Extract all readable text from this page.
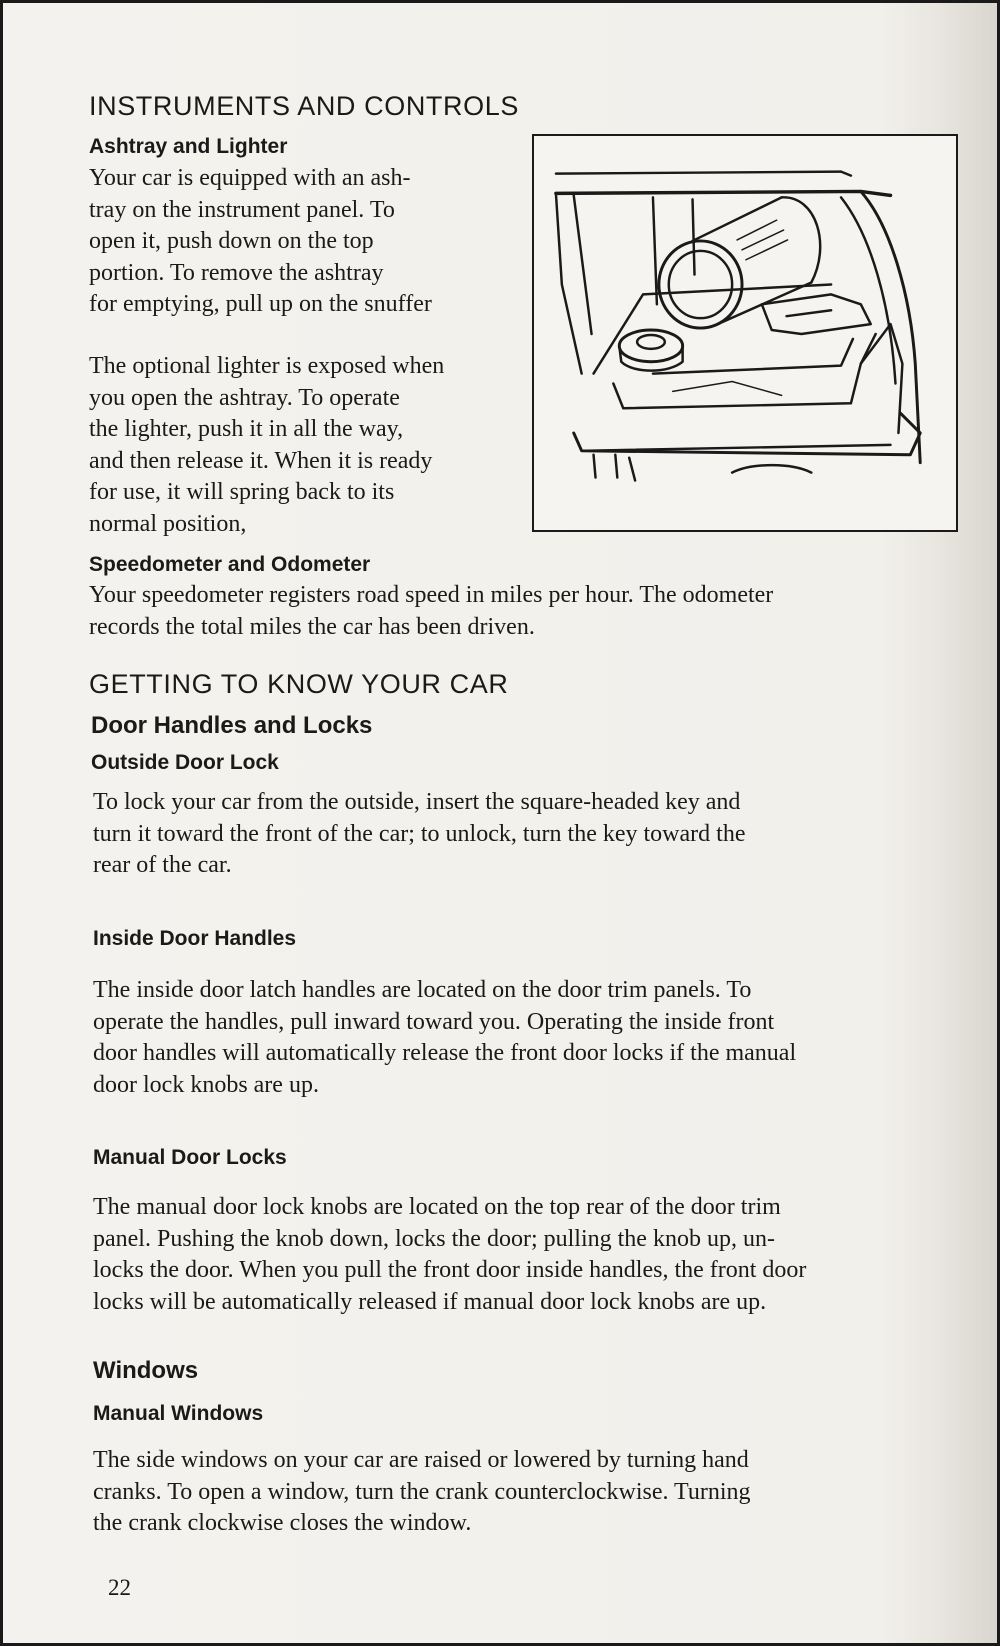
INSTRUMENTS AND CONTROLS
Ashtray and Lighter

Your car is equipped with an ash-
tray on the instrument panel. To
open it, push down on the top
portion. To remove the ashtray
for emptying, pull up on the snuffer

The optional lighter is exposed when
you open the ashtray. To operate
the lighter, push it in all the way,
and then release it. When it is ready
for use, it will spring back to its
normal position,

Speedometer and Odometer

Your speedometer registers road speed in miles per hour. The odometer
records the total miles the car has been driven.

GETTING TO KNOW YOUR CAR
Door Handles and Locks
Outside Door Lock

To lock your car from the outside, insert the square-headed key and
turn it toward the front of the car; to unlock, turn the key toward the
rear of the car.

Inside Door Handles

The inside door latch handles are located on the door trim panels. To
operate the handles, pull inward toward you. Operating the inside front
door handles will automatically release the front door locks if the manual
door lock knobs are up.

Manual Door Locks

The manual door lock knobs are located on the top rear of the door trim
panel. Pushing the knob down, locks the door; pulling the knob up, un-
locks the door. When you pull the front door inside handles, the front door
locks will be automatically released if manual door lock knobs are up.

Windows
Manual Windows

The side windows on your car are raised or lowered by turning hand
cranks. To open a window, turn the crank counterclockwise. Turning
the crank clockwise closes the window.

22
